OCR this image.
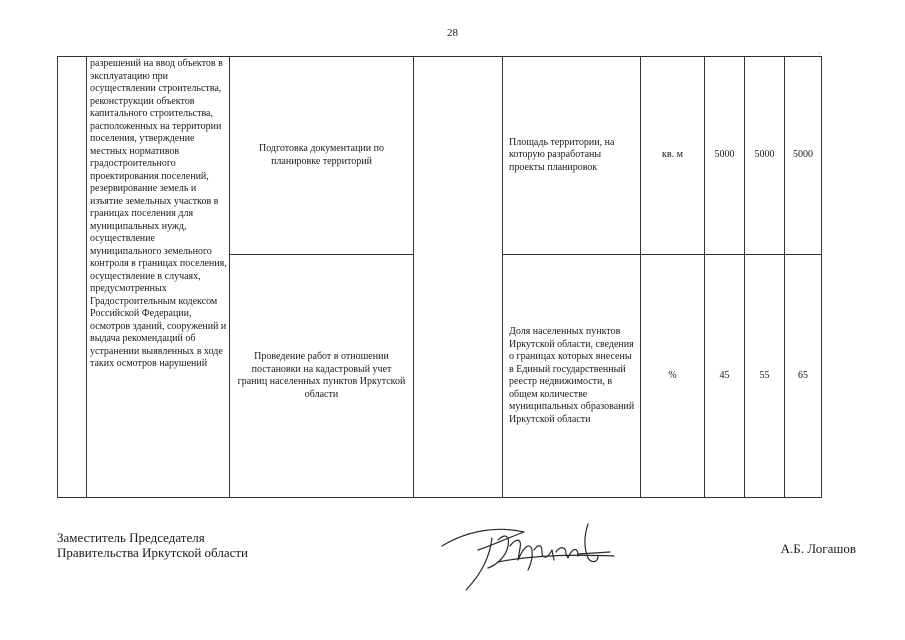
28
·
	разрешений на ввод объектов в эксплуатацию при осуществлении строительства, реконструкции объектов капитального строительства, расположенных на территории поселения, утверждение местных нормативов градостроительного проектирования поселений, резервирование земель и изъятие земельных участков в границах поселения для муниципальных нужд, осуществление муниципального земельного контроля в границах поселения, осуществление в случаях, предусмотренных Градостроительным кодексом Российской Федерации, осмотров зданий, сооружений и выдача рекомендаций об устранении выявленных в ходе таких осмотров нарушений	Подготовка документации по планировке территорий		Площадь территории, на которую разработаны проекты планировок	кв. м	5000	5000	5000
		Проведение работ в отношении постановки на кадастровый учет границ населенных пунктов Иркутской области		Доля населенных пунктов Иркутской области, сведения о границах которых внесены в Единый государственный реестр недвижимости, в общем количестве муниципальных образований Иркутской области	%	45	55	65
Заместитель Председателя
Правительства Иркутской области	А.Б. Логашов
